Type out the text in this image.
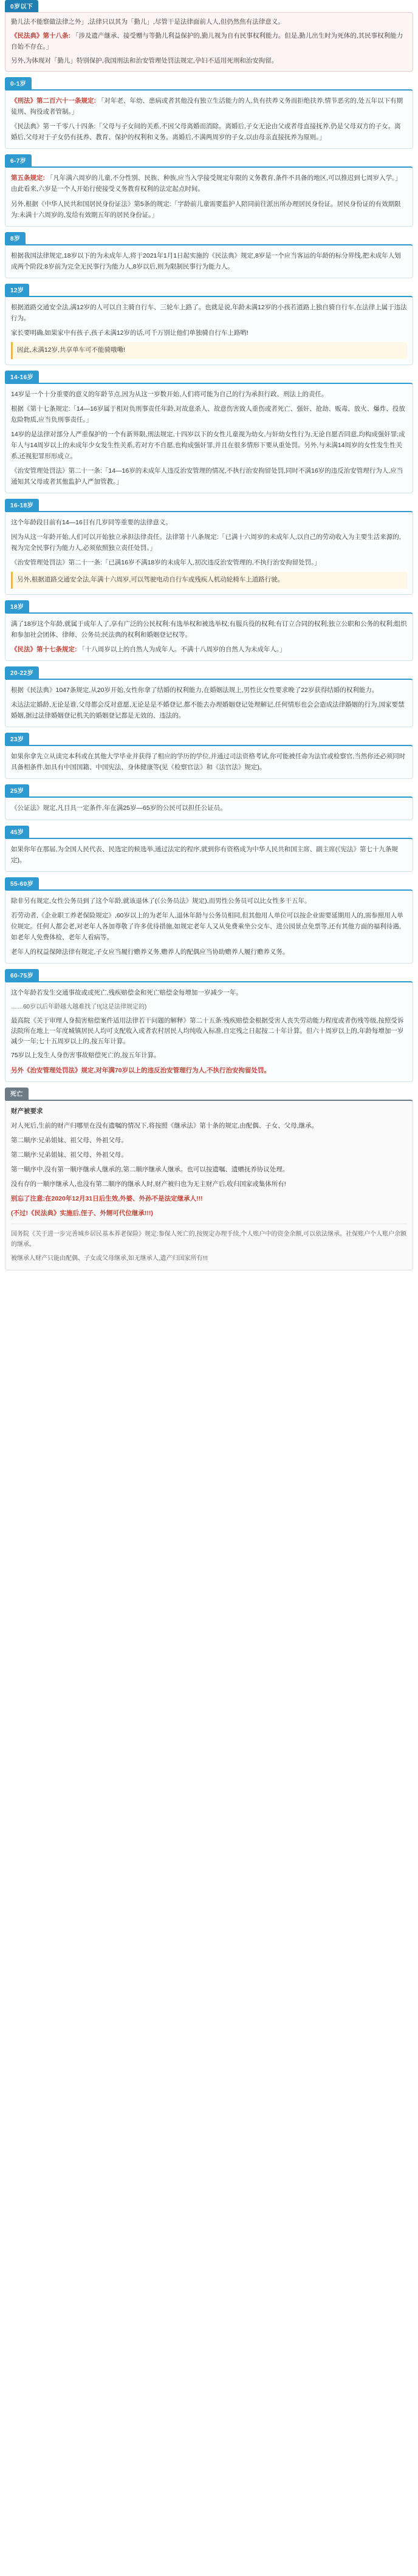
0岁以下

勤儿法不能察做法律之外」,法律只以其为「勤儿」,尽管干是法律面前人人,但仍然焦有法律意义。

《民法典》第十八条: 「涉及遗产继承、接受赠与等勤儿利益保护的,勤儿视为自有民事权利能力。但是,勤儿出生时为死体的,其民事权利能力自始不存在。」

另外,为体现对「勤儿」特别保护,我国刑法和治安管理处罚法规定,孕妇不适用死刑和治安拘留。

0-1岁

《刑法》第二百六十一条规定: 「对年老、年幼、患病或者其他没有独立生活能力的人,负有扶养义务而拒绝扶养,情节恶劣的,处五年以下有期徒刑、拘役或者管制。」

《民法典》第一千零八十四条:「父母与子女间的关系,不因父母离婚而消除。离婚后,子女无论由父或者母直接抚养,仍是父母双方的子女。离婚后,父母对于子女仍有抚养、教育、保护的权利和义务。离婚后,不满两周岁的子女,以由母亲直接抚养为原则。」

6-7岁

第五条规定: 「凡年满六周岁的儿童,不分性别、民族、种族,应当入学接受规定年限的义务教育,条件不具备的地区,可以推迟到七周岁入学。」由此看来,六岁是一个人开始行使接受义务教育权利的法定起点时间。

另外,根据《中华人民共和国居民身份证法》第5条的规定:「字龄前儿童需要监护人陪同前往派出所办理居民身份证。居民身份证的有效期限为:未满十六周岁的,发给有效期五年的居民身份证。」

8岁

根据我国法律规定,18岁以下的为未成年人,将于2021年1月1日起实施的《民法典》规定,8岁是一个应当客运的年龄的标分界线,把未成年人划成两个阶段:8岁前为完全无民事行为能力人,8岁以后,则为限制民事行为能力人。

12岁

根据道路交通安全法,满12岁的人可以自主骑自行车、三轮车上路了。也就是说,年龄未满12岁的小孩若道路上独自骑自行车,在法律上属于违法行为。

家长要明确,如果家中有孩子,孩子未满12岁的话,可千万别让他们单独骑自行车上路哟!

因此,未满12岁,共享单车可不能骑哦嘞!
14-16岁

14岁是一个十分重要的意义的年龄节点,因为从这一岁数开始,人们将可能为自己的行为承担行政、刑法上的责任。

根据《第十七条规定:「14—16岁属于相对负刑事责任年龄,对故意杀人、故意伤害致人重伤或者死亡、强奸、抢劫、贩毒、放火、爆炸、投放危险物质,应当负刑事责任。」

14岁的是法律对部分人严重保护的一个有新界限,刑法规定,十四岁以下的女性儿童视为幼女,与奸幼女性行为,无论自愿否同意,均构成强奸罪;成年人与14周岁以上的未成年少女发生性关系,若对方不自愿,也构成强奸罪,并且在很多情形下要从重处罚。另外,与未满14周岁的女性发生性关系,还视犯罪形形成立。

《治安管理处罚法》第二十一条:「14—16岁的未成年人违反治安管理的情况,不执行治安拘留处罚,同时不满16岁的违反治安管理行为人,应当通知其父母或者其他监护人严加管教。」

16-18岁

这个年龄段目前有14—16目有几岁同等重要的法律意义。

因为从这一年龄开始,人们可以开始独立承担法律责任。法律第十八条规定:「已满十六周岁的未成年人,以自己的劳动收入为主要生活来源的,视为完全民事行为能力人,必须依照独立责任处罚。」

《治安管理处罚法》第二十一条:「已满16岁不满18岁的未成年人,初次违反治安管理的,不执行治安拘留处罚。」

另外,根据道路交通安全法,年满十六周岁,可以驾驶电动自行车或残疾人机动轮椅车上道路行驶。
18岁

满了18岁这个年龄,就属于成年人了,享有广泛的公民权利:有选举权和被选举权;有服兵役的权利;有订立合同的权利;独立公职和公务的权利;组织和参加社会团体、律师、公务员;民法典的权利和婚姻登记权等。

《民法》第十七条规定: 「十八周岁以上的自然人为成年人。不满十八周岁的自然人为未成年人。」

20-22岁

根据《民法典》1047条规定,从20岁开始,女性你拿了结婚的权利能力,在婚姻法规上,男性比女性要求晚了22岁获得结婚的权利能力。

未达法定婚龄,无论是谁,父母都会反对意愿,无论是是不婚登记,都不能去办理婚姻登记处理解记,任何情形也会会造成法律婚姻的行为,国家要禁婚姻,据过法律婚姻登记机关的婚姻登记都是无效的、违法的。

23岁

如果你拿先立从读完本科或在其他大学毕业并获得了相应的学历的学位,并通过司法资格考试,你可能被任命为法官或检察官,当然你还必须同时具备相条件,如具有中国国籍、中国宪法、身体健康等(见《检察官法》和《法官法》规定)。

25岁

《公证法》规定,凡目具一定条件,年在满25岁—65岁的公民可以担任公证员。

45岁

如果你年在那届,为全国人民代表、民选定的候选举,通过法定的程序,就到你有资格成为中华人民共和国主席、副主席(《宪法》第七十九条规定)。

55-60岁

除非另有规定,女性公务员到了这个年龄,就该退休了(《公务员法》规定),而男性公务员可以比女性多干五年。

若劳动者,《企业职工养老保险规定》,60岁以上的为老年人,退休年龄与公务员相同,但其他用人单位可以按企业需要延期用人的,需参照用人单位规定。任何人都会老,对老年人各加尊敬了许多优待措施,如规定老年人又从免费乘坐公交车、进公园景点免票等,还有其他方面的福利待遇,如老年人免费体检、老年人看病等。

老年人的权益保障法律有规定,子女应当履行赡养义务,赡养人的配偶应当协助赡养人履行赡养义务。

60-75岁

这个年龄若发生交通事故或或死亡,残疾赔偿金和死亡赔偿金每增加一岁减少一年。

……60岁以后年龄越大越难找了!!(这是法律规定的)

最高院《关于审理人身损害赔偿案件适用法律若干问题的解释》第二十五条:残疾赔偿金根据受害人丧失劳动能力程度或者伤残等级,按照受诉法院所在地上一年度城镇居民人均可支配收入或者农村居民人均纯收入标准,自定残之日起按二十年计算。但六十周岁以上的,年龄每增加一岁减少一年;七十五周岁以上的,按五年计算。

75岁以上发生人身伤害事故赔偿死亡的,按五年计算。

另外《治安管理处罚法》规定,对年满70岁以上的违反治安管理行为人,不执行治安拘留处罚。

死亡

财产被要求

对人死后,生前的财产归哪里在没有遗嘱的情况下,将按照《继承法》第十条的规定,由配偶、子女、父母,继承。

第二顺序:兄弟姐妹、祖父母、外祖父母。

第二顺序:兄弟姐妹、祖父母、外祖父母。

第一顺序中,没有第一顺序继承人继承的,第二顺序继承人继承。也可以按遗嘱、遗赠抚养协议处理。

没有存的一顺序继承人,也没有第二顺序的继承人时,财产被归也为无主财产后,收归国家或集体所有!

别忘了注意:在2020年12月31日后生效,外婆、外孙不是法定继承人!!!

(不过!《民法典》实施后,侄子、外甥可代位继承!!!)

国务院《关于进一步完善城乡居民基本养老保险》规定:参保人死亡的,按规定办理手续,个人账户中的资金余额,可以依法继承。社保账户个人账户余额的继承。

被继承人财产只能由配偶、子女或父母继承,如无继承人,遗产归国家所有!!!
